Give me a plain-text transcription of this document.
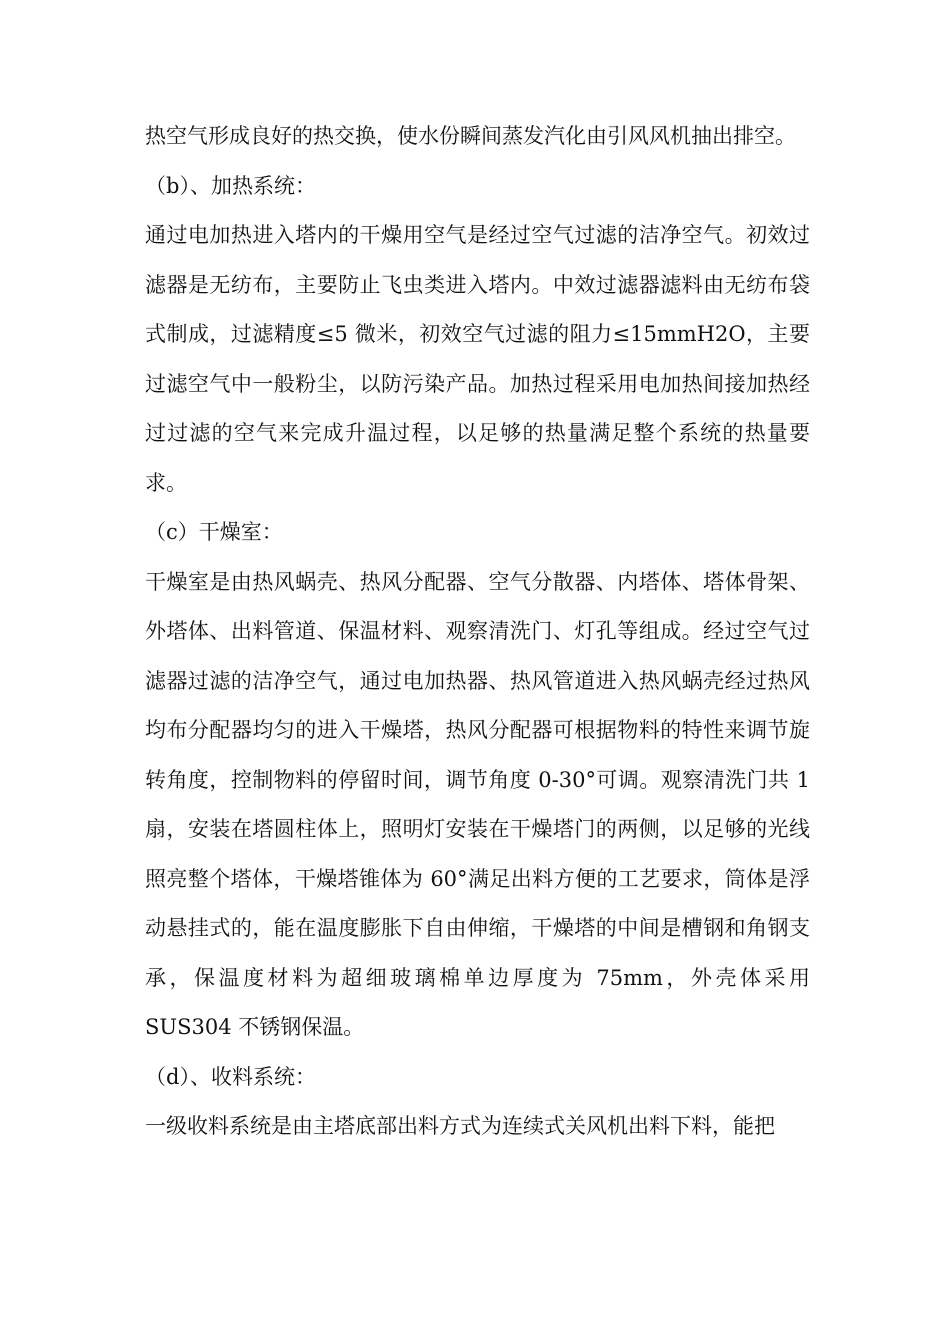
热空气形成良好的热交换，使水份瞬间蒸发汽化由引风风机抽出排空。

（b）、加热系统：

通过电加热进入塔内的干燥用空气是经过空气过滤的洁净空气。初效过滤器是无纺布，主要防止飞虫类进入塔内。中效过滤器滤料由无纺布袋式制成，过滤精度≤5 微米，初效空气过滤的阻力≤15mmH2O，主要过滤空气中一般粉尘，以防污染产品。加热过程采用电加热间接加热经过过滤的空气来完成升温过程，以足够的热量满足整个系统的热量要求。

（c）干燥室：

干燥室是由热风蜗壳、热风分配器、空气分散器、内塔体、塔体骨架、外塔体、出料管道、保温材料、观察清洗门、灯孔等组成。经过空气过滤器过滤的洁净空气，通过电加热器、热风管道进入热风蜗壳经过热风均布分配器均匀的进入干燥塔，热风分配器可根据物料的特性来调节旋转角度，控制物料的停留时间，调节角度 0-30°可调。观察清洗门共 1 扇，安装在塔圆柱体上，照明灯安装在干燥塔门的两侧，以足够的光线照亮整个塔体，干燥塔锥体为 60°满足出料方便的工艺要求，筒体是浮动悬挂式的，能在温度膨胀下自由伸缩，干燥塔的中间是槽钢和角钢支承，保温度材料为超细玻璃棉单边厚度为 75mm，外壳体采用 SUS304 不锈钢保温。

（d）、收料系统：

一级收料系统是由主塔底部出料方式为连续式关风机出料下料，能把
